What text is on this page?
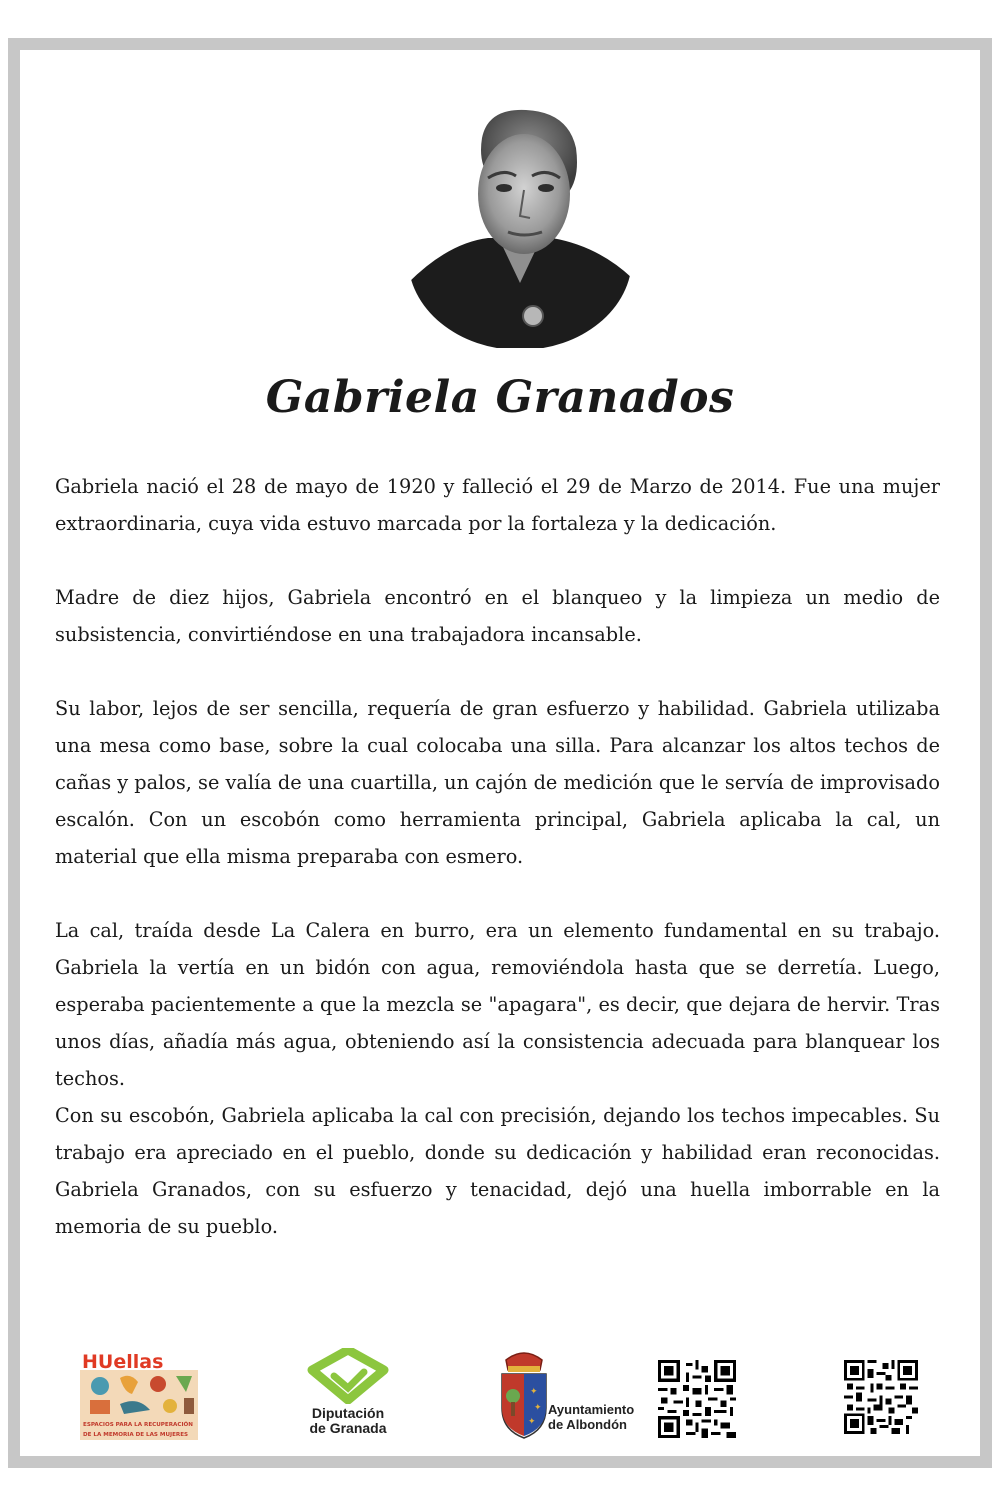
Gabriela Granados

Gabriela nació el 28 de mayo de 1920 y falleció el 29 de Marzo de 2014. Fue una mujer extraordinaria, cuya vida estuvo marcada por la fortaleza y la dedicación.

Madre de diez hijos, Gabriela encontró en el blanqueo y la limpieza un medio de subsistencia, convirtiéndose en una trabajadora incansable.

Su labor, lejos de ser sencilla, requería de gran esfuerzo y habilidad. Gabriela utilizaba una mesa como base, sobre la cual colocaba una silla. Para alcanzar los altos techos de cañas y palos, se valía de una cuartilla, un cajón de medición que le servía de improvisado escalón. Con un escobón como herramienta principal, Gabriela aplicaba la cal, un material que ella misma preparaba con esmero.

La cal, traída desde La Calera en burro, era un elemento fundamental en su trabajo. Gabriela la vertía en un bidón con agua, removiéndola hasta que se derretía. Luego, esperaba pacientemente a que la mezcla se "apagara", es decir, que dejara de hervir. Tras unos días, añadía más agua, obteniendo así la consistencia adecuada para blanquear los techos.

Con su escobón, Gabriela aplicaba la cal con precisión, dejando los techos impecables. Su trabajo era apreciado en el pueblo, donde su dedicación y habilidad eran reconocidas. Gabriela Granados, con su esfuerzo y tenacidad, dejó una huella imborrable en la memoria de su pueblo.

HUellas
ESPACIOS PARA LA RECUPERACIÓN
DE LA MEMORIA DE LAS MUJERES
Diputación
de Granada
✦
✦
✦
Ayuntamiento
de Albondón
